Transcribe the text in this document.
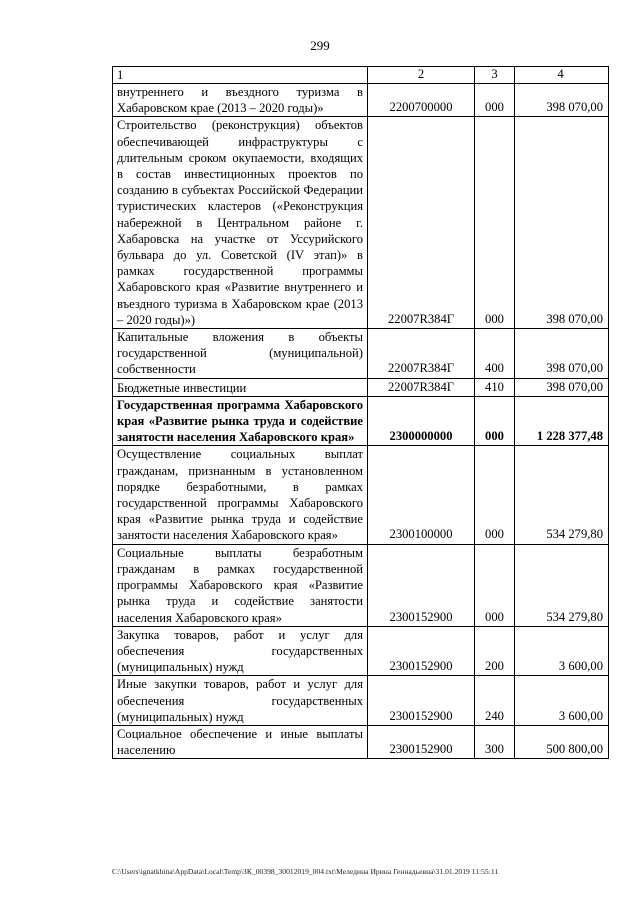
299
1	2	3	4
внутреннего и въездного туризма в Хабаровском крае (2013 – 2020 годы)»	2200700000	000	398 070,00
Строительство (реконструкция) объектов обеспечивающей инфраструктуры с длительным сроком окупаемости, входящих в состав инвестиционных проектов по созданию в субъектах Российской Федерации туристических кластеров («Реконструкция набережной в Центральном районе г. Хабаровска на участке от Уссурийского бульвара до ул. Советской (IV этап)» в рамках государственной программы Хабаровского края «Развитие внутреннего и въездного туризма в Хабаровском крае (2013 – 2020 годы)»)	22007R384Г	000	398 070,00
Капитальные вложения в объекты государственной (муниципальной) собственности	22007R384Г	400	398 070,00
Бюджетные инвестиции	22007R384Г	410	398 070,00
Государственная программа Хабаровского края «Развитие рынка труда и содействие занятости населения Хабаровского края»	2300000000	000	1 228 377,48
Осуществление социальных выплат гражданам, признанным в установленном порядке безработными, в рамках государственной программы Хабаровского края «Развитие рынка труда и содействие занятости населения Хабаровского края»	2300100000	000	534 279,80
Социальные выплаты безработным гражданам в рамках государственной программы Хабаровского края «Развитие рынка труда и содействие занятости населения Хабаровского края»	2300152900	000	534 279,80
Закупка товаров, работ и услуг для обеспечения государственных (муниципальных) нужд	2300152900	200	3 600,00
Иные закупки товаров, работ и услуг для обеспечения государственных (муниципальных) нужд	2300152900	240	3 600,00
Социальное обеспечение и иные выплаты населению	2300152900	300	500 800,00
C:\Users\ignatkhina\AppData\Local\Temp\ЗК_00398_30012019_004.txt\Меледина Ирина Геннадьевна\31.01.2019 11:55:11
